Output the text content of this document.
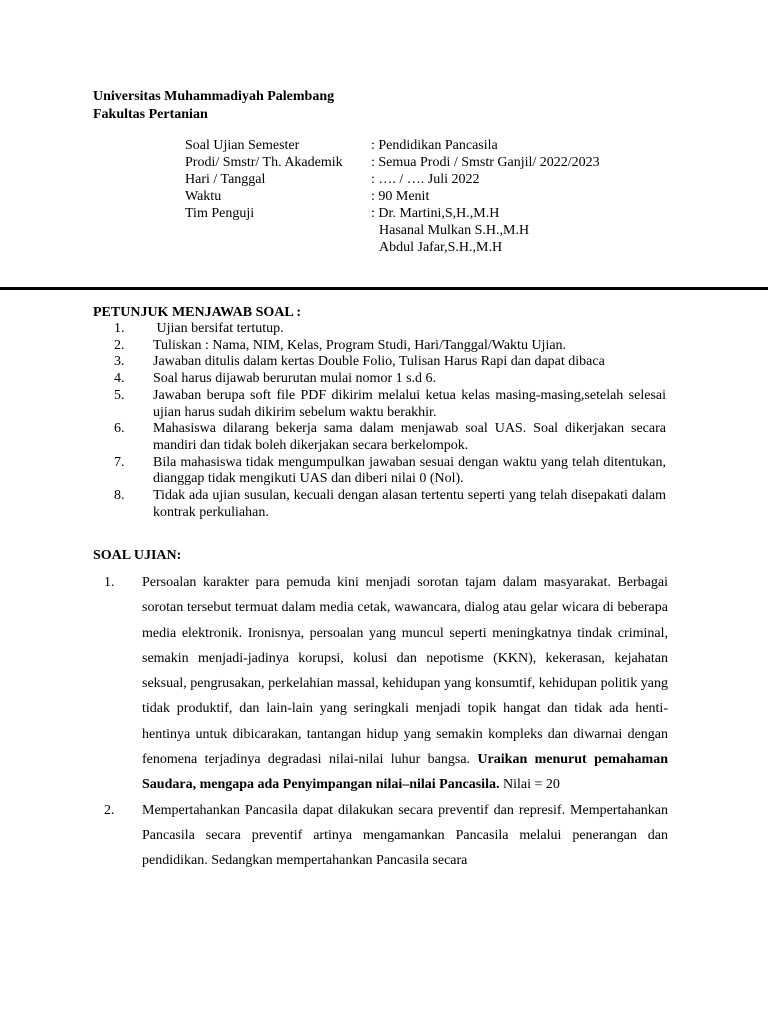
Universitas Muhammadiyah Palembang
Fakultas Pertanian
Soal Ujian Semester	: Pendidikan Pancasila
Prodi/ Smstr/ Th. Akademik	: Semua Prodi / Smstr Ganjil/ 2022/2023
Hari / Tanggal	: …. / …. Juli 2022
Waktu	: 90 Menit
Tim Penguji	: Dr. Martini,S,H.,M.H
Hasanal Mulkan S.H.,M.H
Abdul Jafar,S.H.,M.H
PETUNJUK MENJAWAB SOAL :
1.	Ujian bersifat tertutup.
2.	Tuliskan : Nama, NIM, Kelas, Program Studi, Hari/Tanggal/Waktu Ujian.
3.	Jawaban ditulis dalam kertas Double Folio, Tulisan Harus Rapi dan dapat dibaca
4.	Soal harus dijawab berurutan mulai nomor 1 s.d 6.
5.	Jawaban berupa soft file PDF dikirim melalui ketua kelas masing-masing,setelah selesai ujian harus sudah dikirim sebelum waktu berakhir.
6.	Mahasiswa dilarang bekerja sama dalam menjawab soal UAS. Soal dikerjakan secara mandiri dan tidak boleh dikerjakan secara berkelompok.
7.	Bila mahasiswa tidak mengumpulkan jawaban sesuai dengan waktu yang telah ditentukan, dianggap tidak mengikuti UAS dan diberi nilai 0 (Nol).
8.	Tidak ada ujian susulan, kecuali dengan alasan tertentu seperti yang telah disepakati dalam kontrak perkuliahan.
SOAL UJIAN:
1.	Persoalan karakter para pemuda kini menjadi sorotan tajam dalam masyarakat. Berbagai sorotan tersebut termuat dalam media cetak, wawancara, dialog atau gelar wicara di beberapa media elektronik. Ironisnya, persoalan yang muncul seperti meningkatnya tindak criminal, semakin menjadi-jadinya korupsi, kolusi dan nepotisme (KKN), kekerasan, kejahatan seksual, pengrusakan, perkelahian massal, kehidupan yang konsumtif, kehidupan politik yang tidak produktif, dan lain-lain yang seringkali menjadi topik hangat dan tidak ada henti-hentinya untuk dibicarakan, tantangan hidup yang semakin kompleks dan diwarnai dengan fenomena terjadinya degradasi nilai-nilai luhur bangsa. Uraikan menurut pemahaman Saudara, mengapa ada Penyimpangan nilai–nilai Pancasila. Nilai = 20
2.	Mempertahankan Pancasila dapat dilakukan secara preventif dan represif. Mempertahankan Pancasila secara preventif artinya mengamankan Pancasila melalui penerangan dan pendidikan. Sedangkan mempertahankan Pancasila secara
